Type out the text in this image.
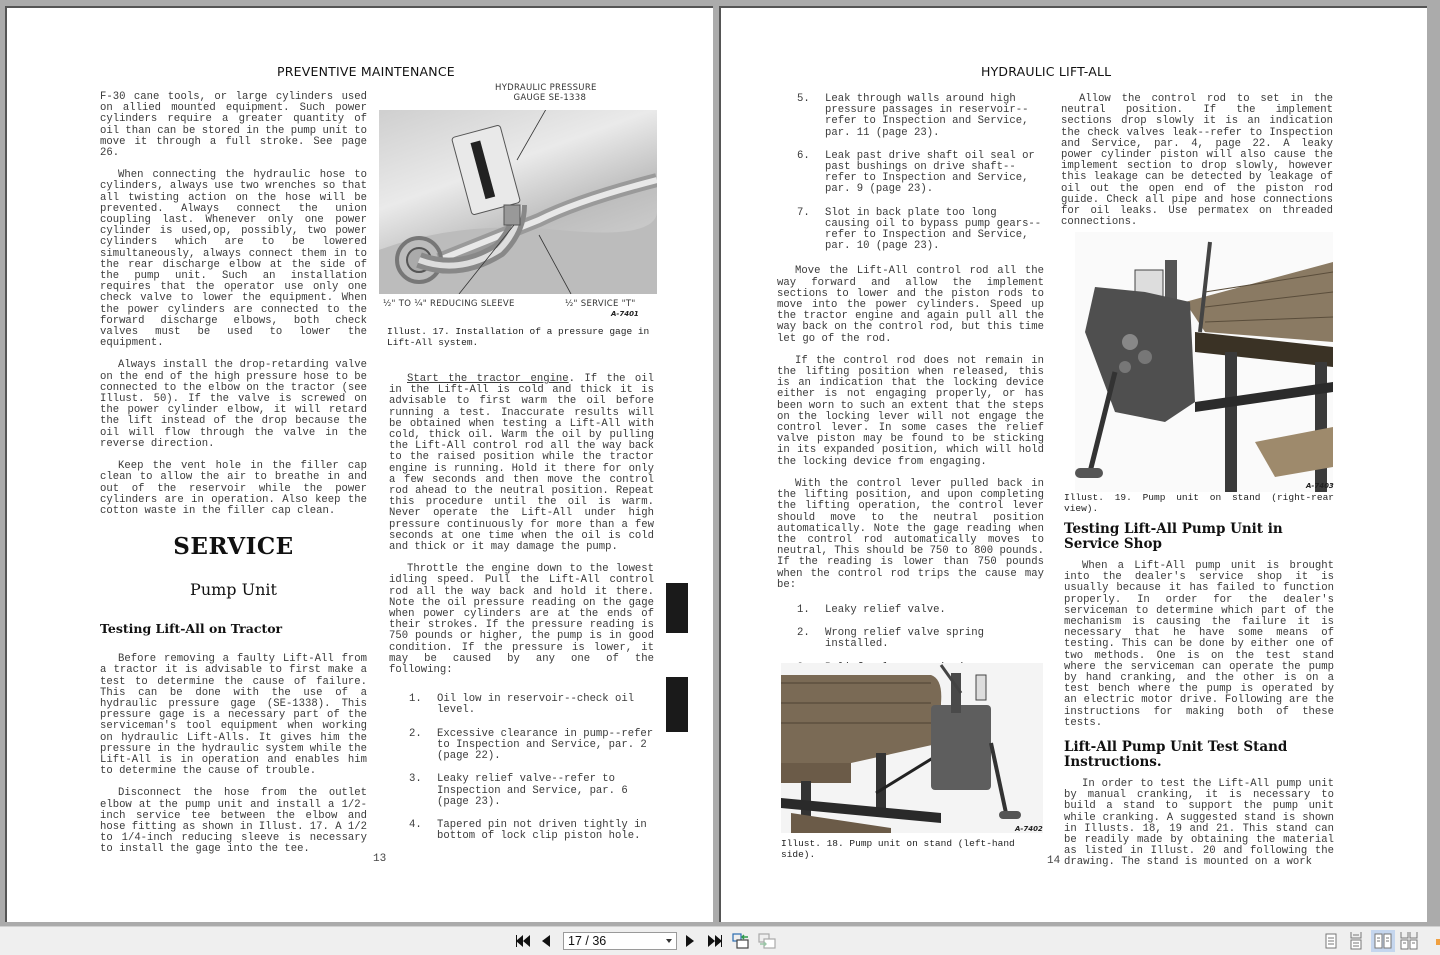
PREVENTIVE MAINTENANCE

F-30 cane tools, or large cylinders used on allied mounted equipment. Such power cylinders require a greater quantity of oil than can be stored in the pump unit to move it through a full stroke. See page 26.

When connecting the hydraulic hose to cylinders, always use two wrenches so that all twisting action on the hose will be prevented. Always connect the union coupling last. Whenever only one power cylinder is used,op, possibly, two power cylinders which are to be lowered simultaneously, always connect them in to the rear discharge elbow at the side of the pump unit. Such an installation requires that the operator use only one check valve to lower the equipment. When the power cylinders are connected to the forward discharge elbows, both check valves must be used to lower the equipment.

Always install the drop-retarding valve on the end of the high pressure hose to be connected to the elbow on the tractor (see Illust. 50). If the valve is screwed on the power cylinder elbow, it will retard the lift instead of the drop because the oil will flow through the valve in the reverse direction.

Keep the vent hole in the filler cap clean to allow the air to breathe in and out of the reservoir while the power cylinders are in operation. Also keep the cotton waste in the filler cap clean.

SERVICE
Pump Unit
Testing Lift-All on Tractor

Before removing a faulty Lift-All from a tractor it is advisable to first make a test to determine the cause of failure. This can be done with the use of a hydraulic pressure gage (SE-1338). This pressure gage is a necessary part of the serviceman's tool equipment when working on hydraulic Lift-Alls. It gives him the pressure in the hydraulic system while the Lift-All is in operation and enables him to determine the cause of trouble.

Disconnect the hose from the outlet elbow at the pump unit and install a 1/2-inch service tee between the elbow and hose fitting as shown in Illust. 17. A 1/2 to 1/4-inch reducing sleeve is necessary to install the gage into the tee.

HYDRAULIC PRESSURE
GAUGE SE-1338
½" TO ¼" REDUCING SLEEVE	½" SERVICE "T"
A-7401
Illust. 17. Installation of a pressure gage in Lift-All system.

Start the tractor engine. If the oil in the Lift-All is cold and thick it is advisable to first warm the oil before running a test. Inaccurate results will be obtained when testing a Lift-All with cold, thick oil. Warm the oil by pulling the Lift-All control rod all the way back to the raised position while the tractor engine is running. Hold it there for only a few seconds and then move the control rod ahead to the neutral position. Repeat this procedure until the oil is warm. Never operate the Lift-All under high pressure continuously for more than a few seconds at one time when the oil is cold and thick or it may damage the pump.

Throttle the engine down to the lowest idling speed. Pull the Lift-All control rod all the way back and hold it there. Note the oil pressure reading on the gage when power cylinders are at the ends of their strokes. If the pressure reading is 750 pounds or higher, the pump is in good condition. If the pressure is lower, it may be caused by any one of the following:

1.	Oil low in reservoir--check oil level.
2.	Excessive clearance in pump--refer to Inspection and Service, par. 2 (page 22).
3.	Leaky relief valve--refer to Inspection and Service, par. 6 (page 23).
4.	Tapered pin not driven tightly in bottom of lock clip piston hole.
13
HYDRAULIC LIFT-ALL
5.	Leak through walls around high pressure passages in reservoir--refer to Inspection and Service, par. 11 (page 23).
6.	Leak past drive shaft oil seal or past bushings on drive shaft--refer to Inspection and Service, par. 9 (page 23).
7.	Slot in back plate too long causing oil to bypass pump gears--refer to Inspection and Service, par. 10 (page 23).

Move the Lift-All control rod all the way forward and allow the implement sections to lower and the piston rods to move into the power cylinders. Speed up the tractor engine and again pull all the way back on the control rod, but this time let go of the rod.

If the control rod does not remain in the lifting position when released, this is an indication that the locking device either is not engaging properly, or has been worn to such an extent that the steps on the locking lever will not engage the control lever. In some cases the relief valve piston may be found to be sticking in its expanded position, which will hold the locking device from engaging.

With the control lever pulled back in the lifting position, and upon completing the lifting operation, the control lever should move to the neutral position automatically. Note the gage reading when the control rod automatically moves to neutral, This should be 750 to 800 pounds. If the reading is lower than 750 pounds when the control rod trips the cause may be:

1.	Leaky relief valve.
2.	Wrong relief valve spring installed.
A-7402
Illust. 18. Pump unit on stand (left-hand side).

Allow the control rod to set in the neutral position. If the implement sections drop slowly it is an indication the check valves leak--refer to Inspection and Service, par. 4, page 22. A leaky power cylinder piston will also cause the implement section to drop slowly, however this leakage can be detected by leakage of oil out the open end of the piston rod guide. Check all pipe and hose connections for oil leaks. Use permatex on threaded connections.

A-7403
Illust. 19. Pump unit on stand (right-rear view).
Testing Lift-All Pump Unit in Service Shop

When a Lift-All pump unit is brought into the dealer's service shop it is usually because it has failed to function properly. In order for the dealer's serviceman to determine which part of the mechanism is causing the failure it is necessary that he have some means of testing. This can be done by either one of two methods. One is on the test stand where the serviceman can operate the pump by hand cranking, and the other is on a test bench where the pump is operated by an electric motor drive. Following are the instructions for making both of these tests.

Lift-All Pump Unit Test Stand Instructions.

In order to test the Lift-All pump unit by manual cranking, it is necessary to build a stand to support the pump unit while cranking. A suggested stand is shown in Illusts. 18, 19 and 21. This stand can be readily made by obtaining the material as listed in Illust. 20 and following the drawing. The stand is mounted on a work

14
17 / 36
